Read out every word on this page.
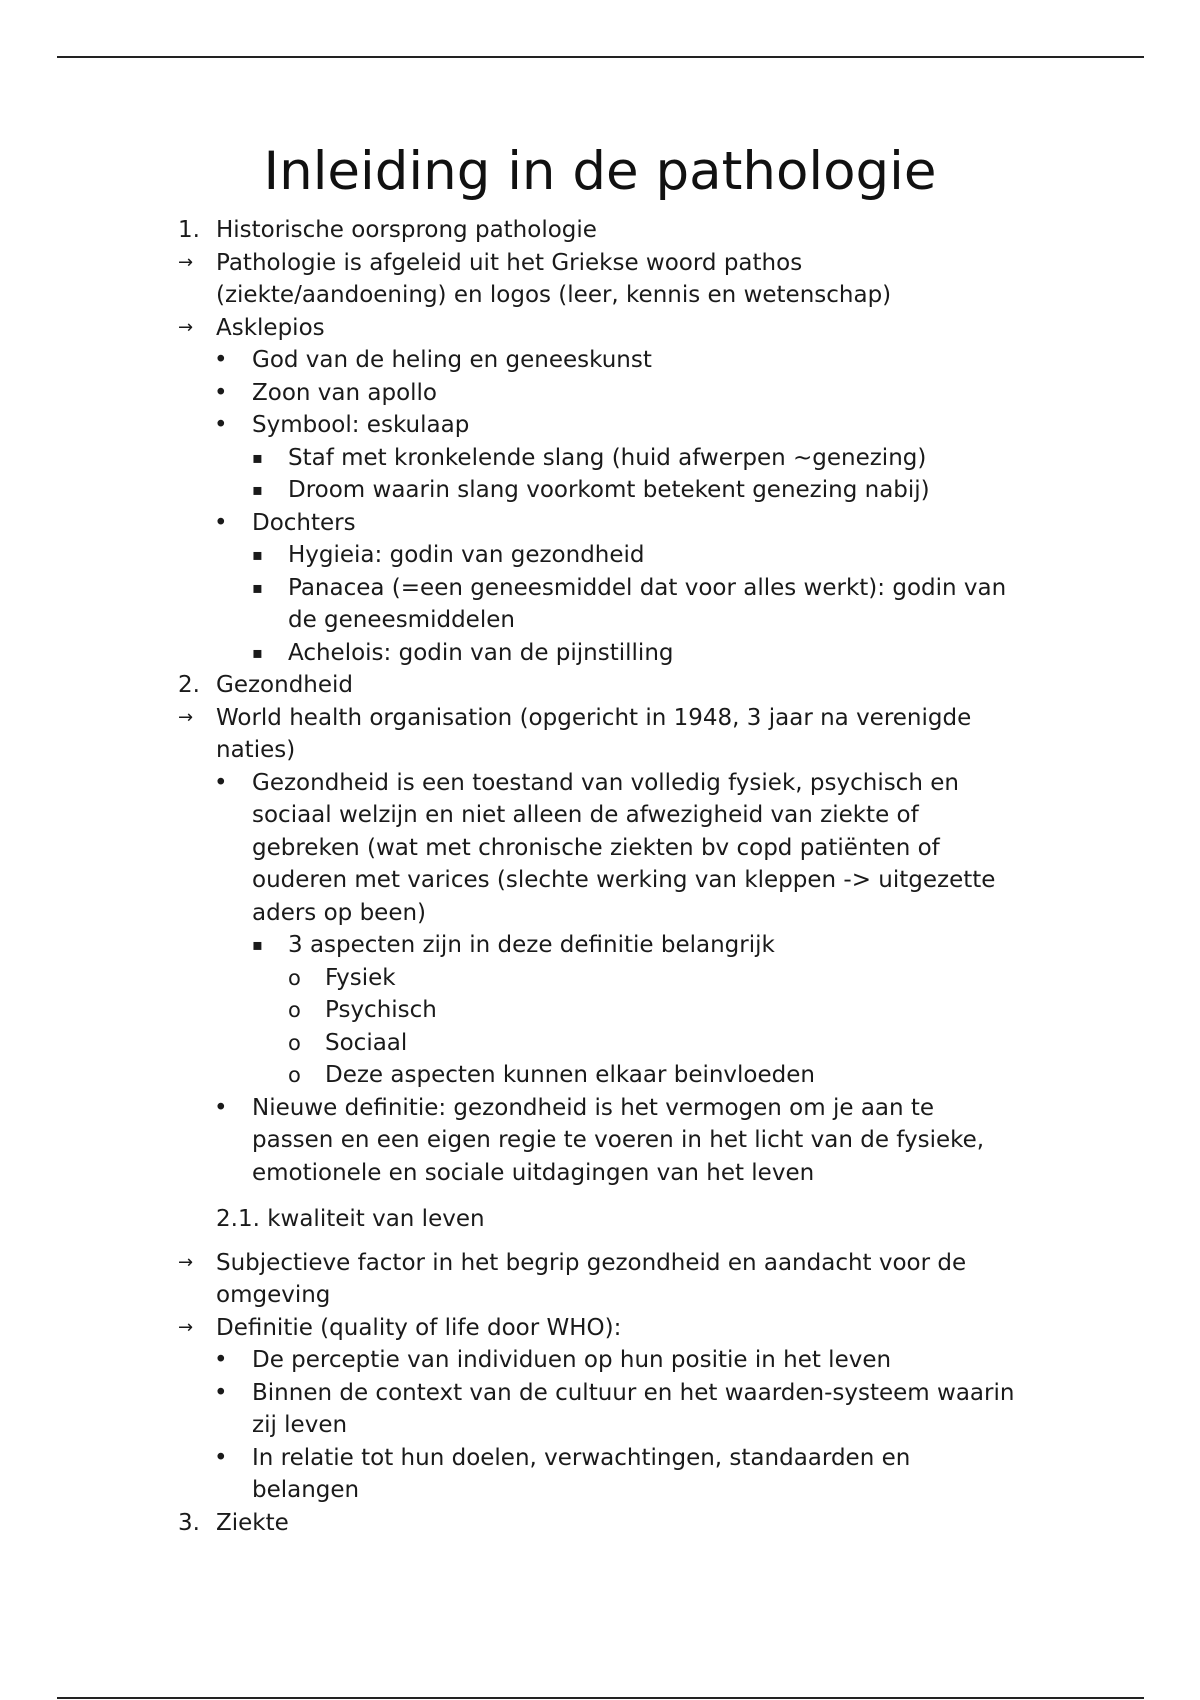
Inleiding in de pathologie
1. Historische oorsprong pathologie
→ Pathologie is afgeleid uit het Griekse woord pathos
(ziekte/aandoening) en logos (leer, kennis en wetenschap)
→ Asklepios
• God van de heling en geneeskunst
• Zoon van apollo
• Symbool: eskulaap
▪ Staf met kronkelende slang (huid afwerpen ~genezing)
▪ Droom waarin slang voorkomt betekent genezing nabij)
• Dochters
▪ Hygieia: godin van gezondheid
▪ Panacea (=een geneesmiddel dat voor alles werkt): godin van
de geneesmiddelen
▪ Achelois: godin van de pijnstilling
2. Gezondheid
→ World health organisation (opgericht in 1948, 3 jaar na verenigde
naties)
• Gezondheid is een toestand van volledig fysiek, psychisch en
sociaal welzijn en niet alleen de afwezigheid van ziekte of
gebreken (wat met chronische ziekten bv copd patiënten of
ouderen met varices (slechte werking van kleppen -> uitgezette
aders op been)
▪ 3 aspecten zijn in deze definitie belangrijk
o Fysiek
o Psychisch
o Sociaal
o Deze aspecten kunnen elkaar beinvloeden
• Nieuwe definitie: gezondheid is het vermogen om je aan te
passen en een eigen regie te voeren in het licht van de fysieke,
emotionele en sociale uitdagingen van het leven
2.1. kwaliteit van leven
→ Subjectieve factor in het begrip gezondheid en aandacht voor de
omgeving
→ Definitie (quality of life door WHO):
• De perceptie van individuen op hun positie in het leven
• Binnen de context van de cultuur en het waarden-systeem waarin
zij leven
• In relatie tot hun doelen, verwachtingen, standaarden en
belangen
3. Ziekte
